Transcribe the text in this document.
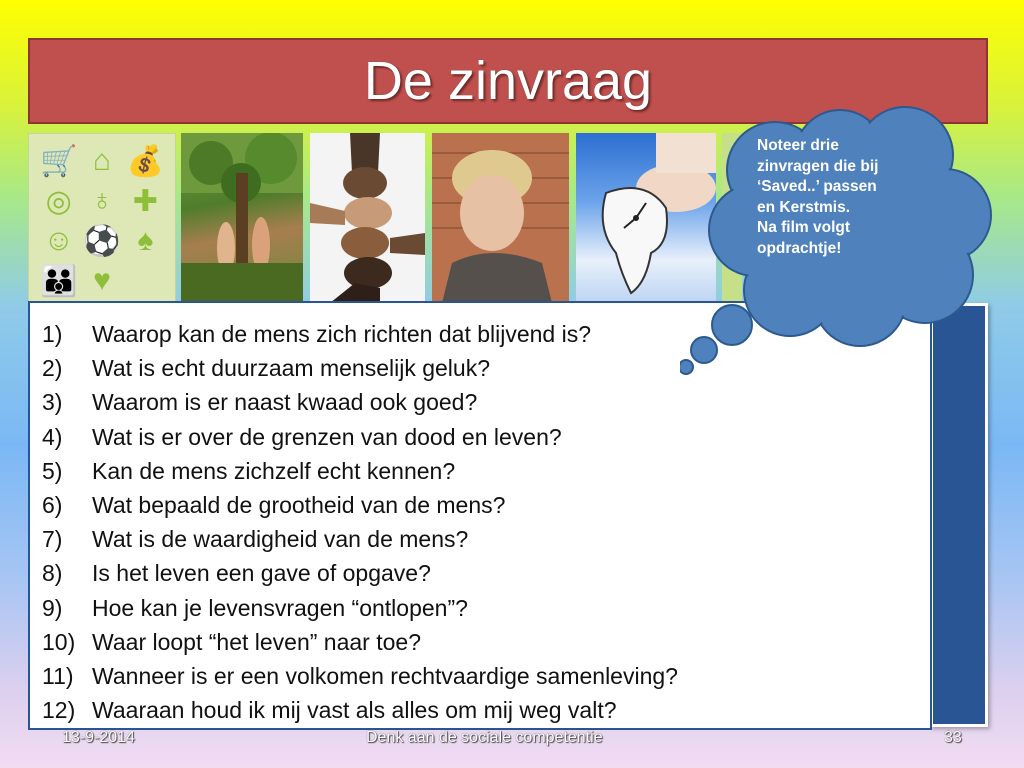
De zinvraag
🛒 ⌂ 💰
◎ ♁ ✚
☺ ⚽ ♠
👪 ♥
1)	Waarop kan de mens zich richten dat blijvend is?
2)	Wat is echt duurzaam menselijk geluk?
3)	Waarom is er naast kwaad ook goed?
4)	Wat is er over de grenzen van dood en leven?
5)	Kan de mens zichzelf echt kennen?
6)	Wat bepaald de grootheid van de mens?
7)	Wat is de waardigheid van de mens?
8)	Is het leven een gave of opgave?
9)	Hoe kan je levensvragen “ontlopen”?
10) Waar loopt “het leven” naar toe?
11) Wanneer is er een volkomen rechtvaardige samenleving?
12) Waaraan houd ik mij vast als alles om mij weg valt?
13-9-2014	Denk aan de sociale competentie	33
Noteer drie
zinvragen die bij
‘Saved..’ passen
en Kerstmis.
Na film volgt
opdrachtje!
